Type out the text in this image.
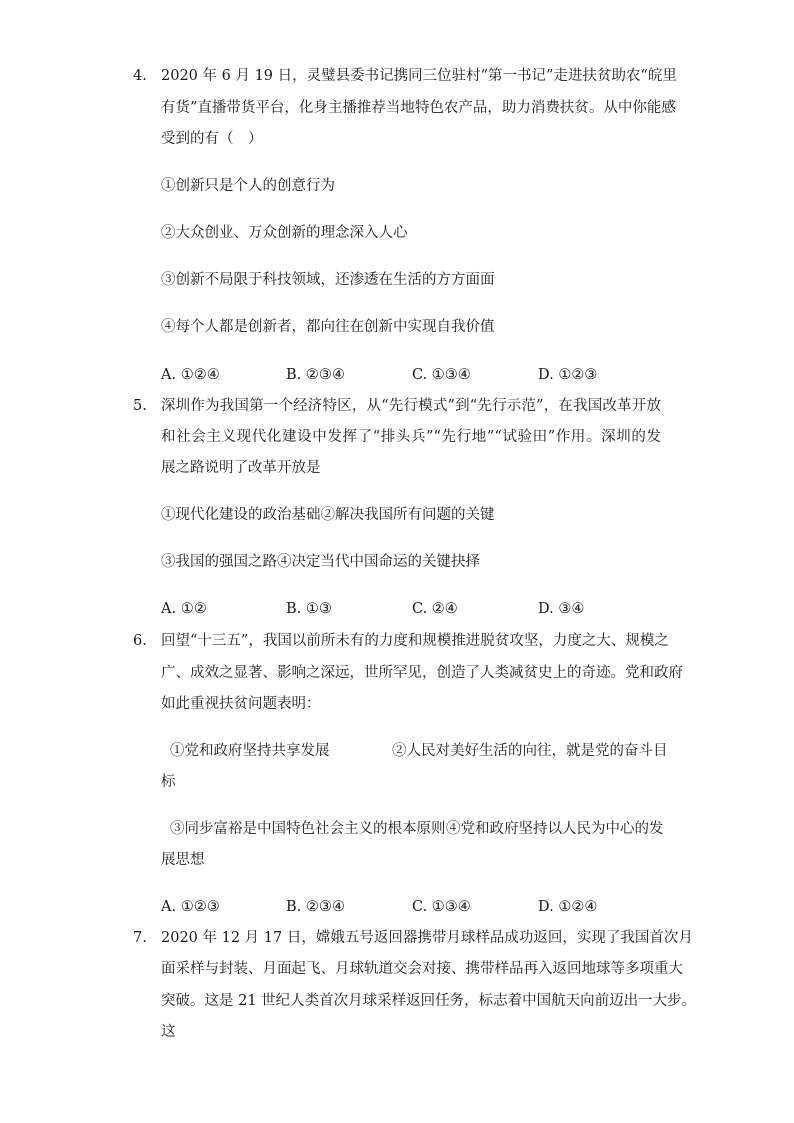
4. 2020 年 6 月 19 日，灵璧县委书记携同三位驻村“第一书记”走进扶贫助农“皖里
有货”直播带货平台，化身主播推荐当地特色农产品，助力消费扶贫。从中你能感
受到的有（　）
①创新只是个人的创意行为
②大众创业、万众创新的理念深入人心
③创新不局限于科技领域，还渗透在生活的方方面面
④每个人都是创新者，都向往在创新中实现自我价值
A. ①②④	B. ②③④	C. ①③④	D. ①②③
5. 深圳作为我国第一个经济特区，从“先行模式”到“先行示范”，在我国改革开放
和社会主义现代化建设中发挥了“排头兵”“先行地”“试验田”作用。深圳的发
展之路说明了改革开放是
①现代化建设的政治基础②解决我国所有问题的关键
③我国的强国之路④决定当代中国命运的关键抉择
A. ①②	B. ①③	C. ②④	D. ③④
6. 回望“十三五”，我国以前所未有的力度和规模推进脱贫攻坚，力度之大、规模之
广、成效之显著、影响之深远，世所罕见，创造了人类减贫史上的奇迹。党和政府
如此重视扶贫问题表明：
①党和政府坚持共享发展	②人民对美好生活的向往，就是党的奋斗目
标
③同步富裕是中国特色社会主义的根本原则 ④党和政府坚持以人民为中心的发
展思想
A. ①②③	B. ②③④	C. ①③④	D. ①②④
7. 2020 年 12 月 17 日，嫦娥五号返回器携带月球样品成功返回，实现了我国首次月
面采样与封装、月面起飞、月球轨道交会对接、携带样品再入返回地球等多项重大
突破。这是 21 世纪人类首次月球采样返回任务，标志着中国航天向前迈出一大步。
这
